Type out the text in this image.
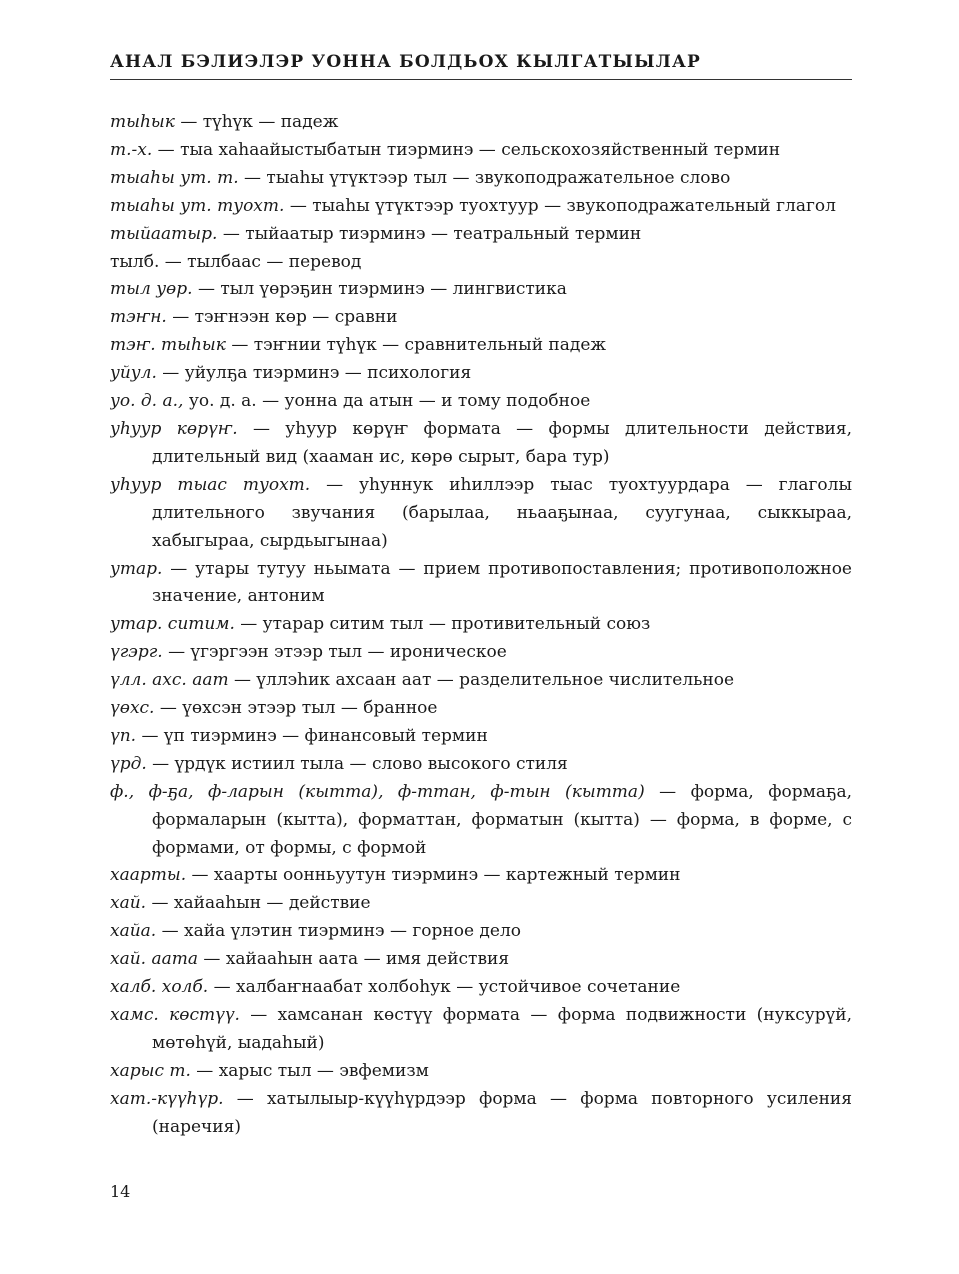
АНАЛ БЭЛИЭЛЭР УОННА БОЛДЬОХ КЫЛГАТЫЫЛАР
тыһык — түһүк — падеж
т.-х. — тыа хаһаайыстыбатын тиэрминэ — сельскохозяйственный термин
тыаһы ут. т. — тыаһы үтүктээр тыл — звукоподражательное слово
тыаһы ут. туохт. — тыаһы үтүктээр туохтуур — звукоподражательный глагол
тыйаатыр. — тыйаатыр тиэрминэ — театральный термин
тылб. — тылбаас — перевод
тыл уөр. — тыл үөрэҕин тиэрминэ — лингвистика
тэҥн. — тэҥнээн көр — сравни
тэҥ. тыһык — тэҥнии түһүк — сравнительный падеж
уйул. — уйулҕа тиэрминэ — психология
уо. д. а., уо. д. а. — уонна да атын — и тому подобное
уһуур көрүҥ. — уһуур көрүҥ формата — формы длительности действия, длительный вид (хааман ис, көрө сырыт, бара тур)
уһуур тыас туохт. — уһуннук иһиллээр тыас туохтуурдара — глаголы длительного звучания (барылаа, ньааҕынаа, суугунаа, сыккыраа, хабыгыраа, сырдьыгынаа)
утар. — утары тутуу ньымата — прием противопоставления; противоположное значение, антоним
утар. ситим. — утарар ситим тыл — противительный союз
үгэрг. — үгэргээн этээр тыл — ироническое
үлл. ахс. аат — үллэһик ахсаан аат — разделительное числительное
үөхс. — үөхсэн этээр тыл — бранное
үп. — үп тиэрминэ — финансовый термин
үрд. — үрдүк истиил тыла — слово высокого стиля
ф., ф-ҕа, ф-ларын (кытта), ф-ттан, ф-тын (кытта) — форма, формаҕа, формаларын (кытта), форматтан, форматын (кытта) — форма, в форме, с формами, от формы, с формой
хаарты. — хаарты оонньуутун тиэрминэ — картежный термин
хай. — хайааһын — действие
хайа. — хайа үлэтин тиэрминэ — горное дело
хай. аата — хайааһын аата — имя действия
халб. холб. — халбаҥнаабат холбоһук — устойчивое сочетание
хамс. көстүү. — хамсанан көстүү формата — форма подвижности (нуксурүй, мөтөһүй, ыадаһый)
харыс т. — харыс тыл — эвфемизм
хат.-күүһүр. — хатылыыр-күүһүрдээр форма — форма повторного усиления (наречия)
14
